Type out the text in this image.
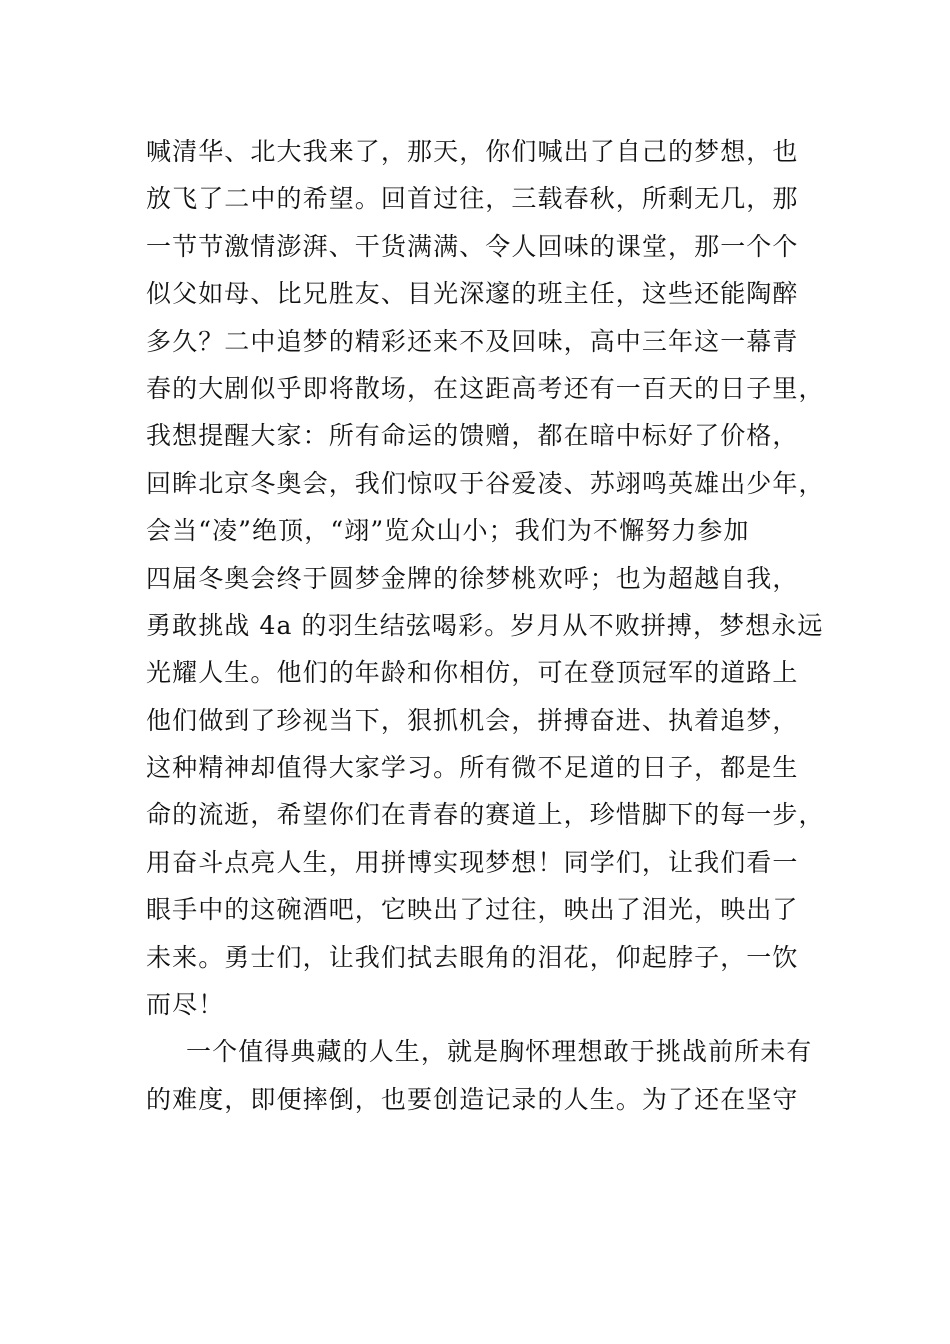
喊清华、北大我来了，那天，你们喊出了自己的梦想，也
放飞了二中的希望。回首过往，三载春秋，所剩无几，那
一节节激情澎湃、干货满满、令人回味的课堂，那一个个
似父如母、比兄胜友、目光深邃的班主任，这些还能陶醉
多久？二中追梦的精彩还来不及回味，高中三年这一幕青
春的大剧似乎即将散场，在这距高考还有一百天的日子里，
我想提醒大家：所有命运的馈赠，都在暗中标好了价格，
回眸北京冬奥会，我们惊叹于谷爱凌、苏翊鸣英雄出少年，
会当“凌”绝顶，“翊”览众山小；我们为不懈努力参加
四届冬奥会终于圆梦金牌的徐梦桃欢呼；也为超越自我，
勇敢挑战 4a 的羽生结弦喝彩。岁月从不败拼搏，梦想永远
光耀人生。他们的年龄和你相仿，可在登顶冠军的道路上
他们做到了珍视当下，狠抓机会，拼搏奋进、执着追梦，
这种精神却值得大家学习。所有微不足道的日子，都是生
命的流逝，希望你们在青春的赛道上，珍惜脚下的每一步，
用奋斗点亮人生，用拼博实现梦想！同学们，让我们看一
眼手中的这碗酒吧，它映出了过往，映出了泪光，映出了
未来。勇士们，让我们拭去眼角的泪花，仰起脖子，一饮
而尽！
一个值得典藏的人生，就是胸怀理想敢于挑战前所未有
的难度，即便摔倒，也要创造记录的人生。为了还在坚守
